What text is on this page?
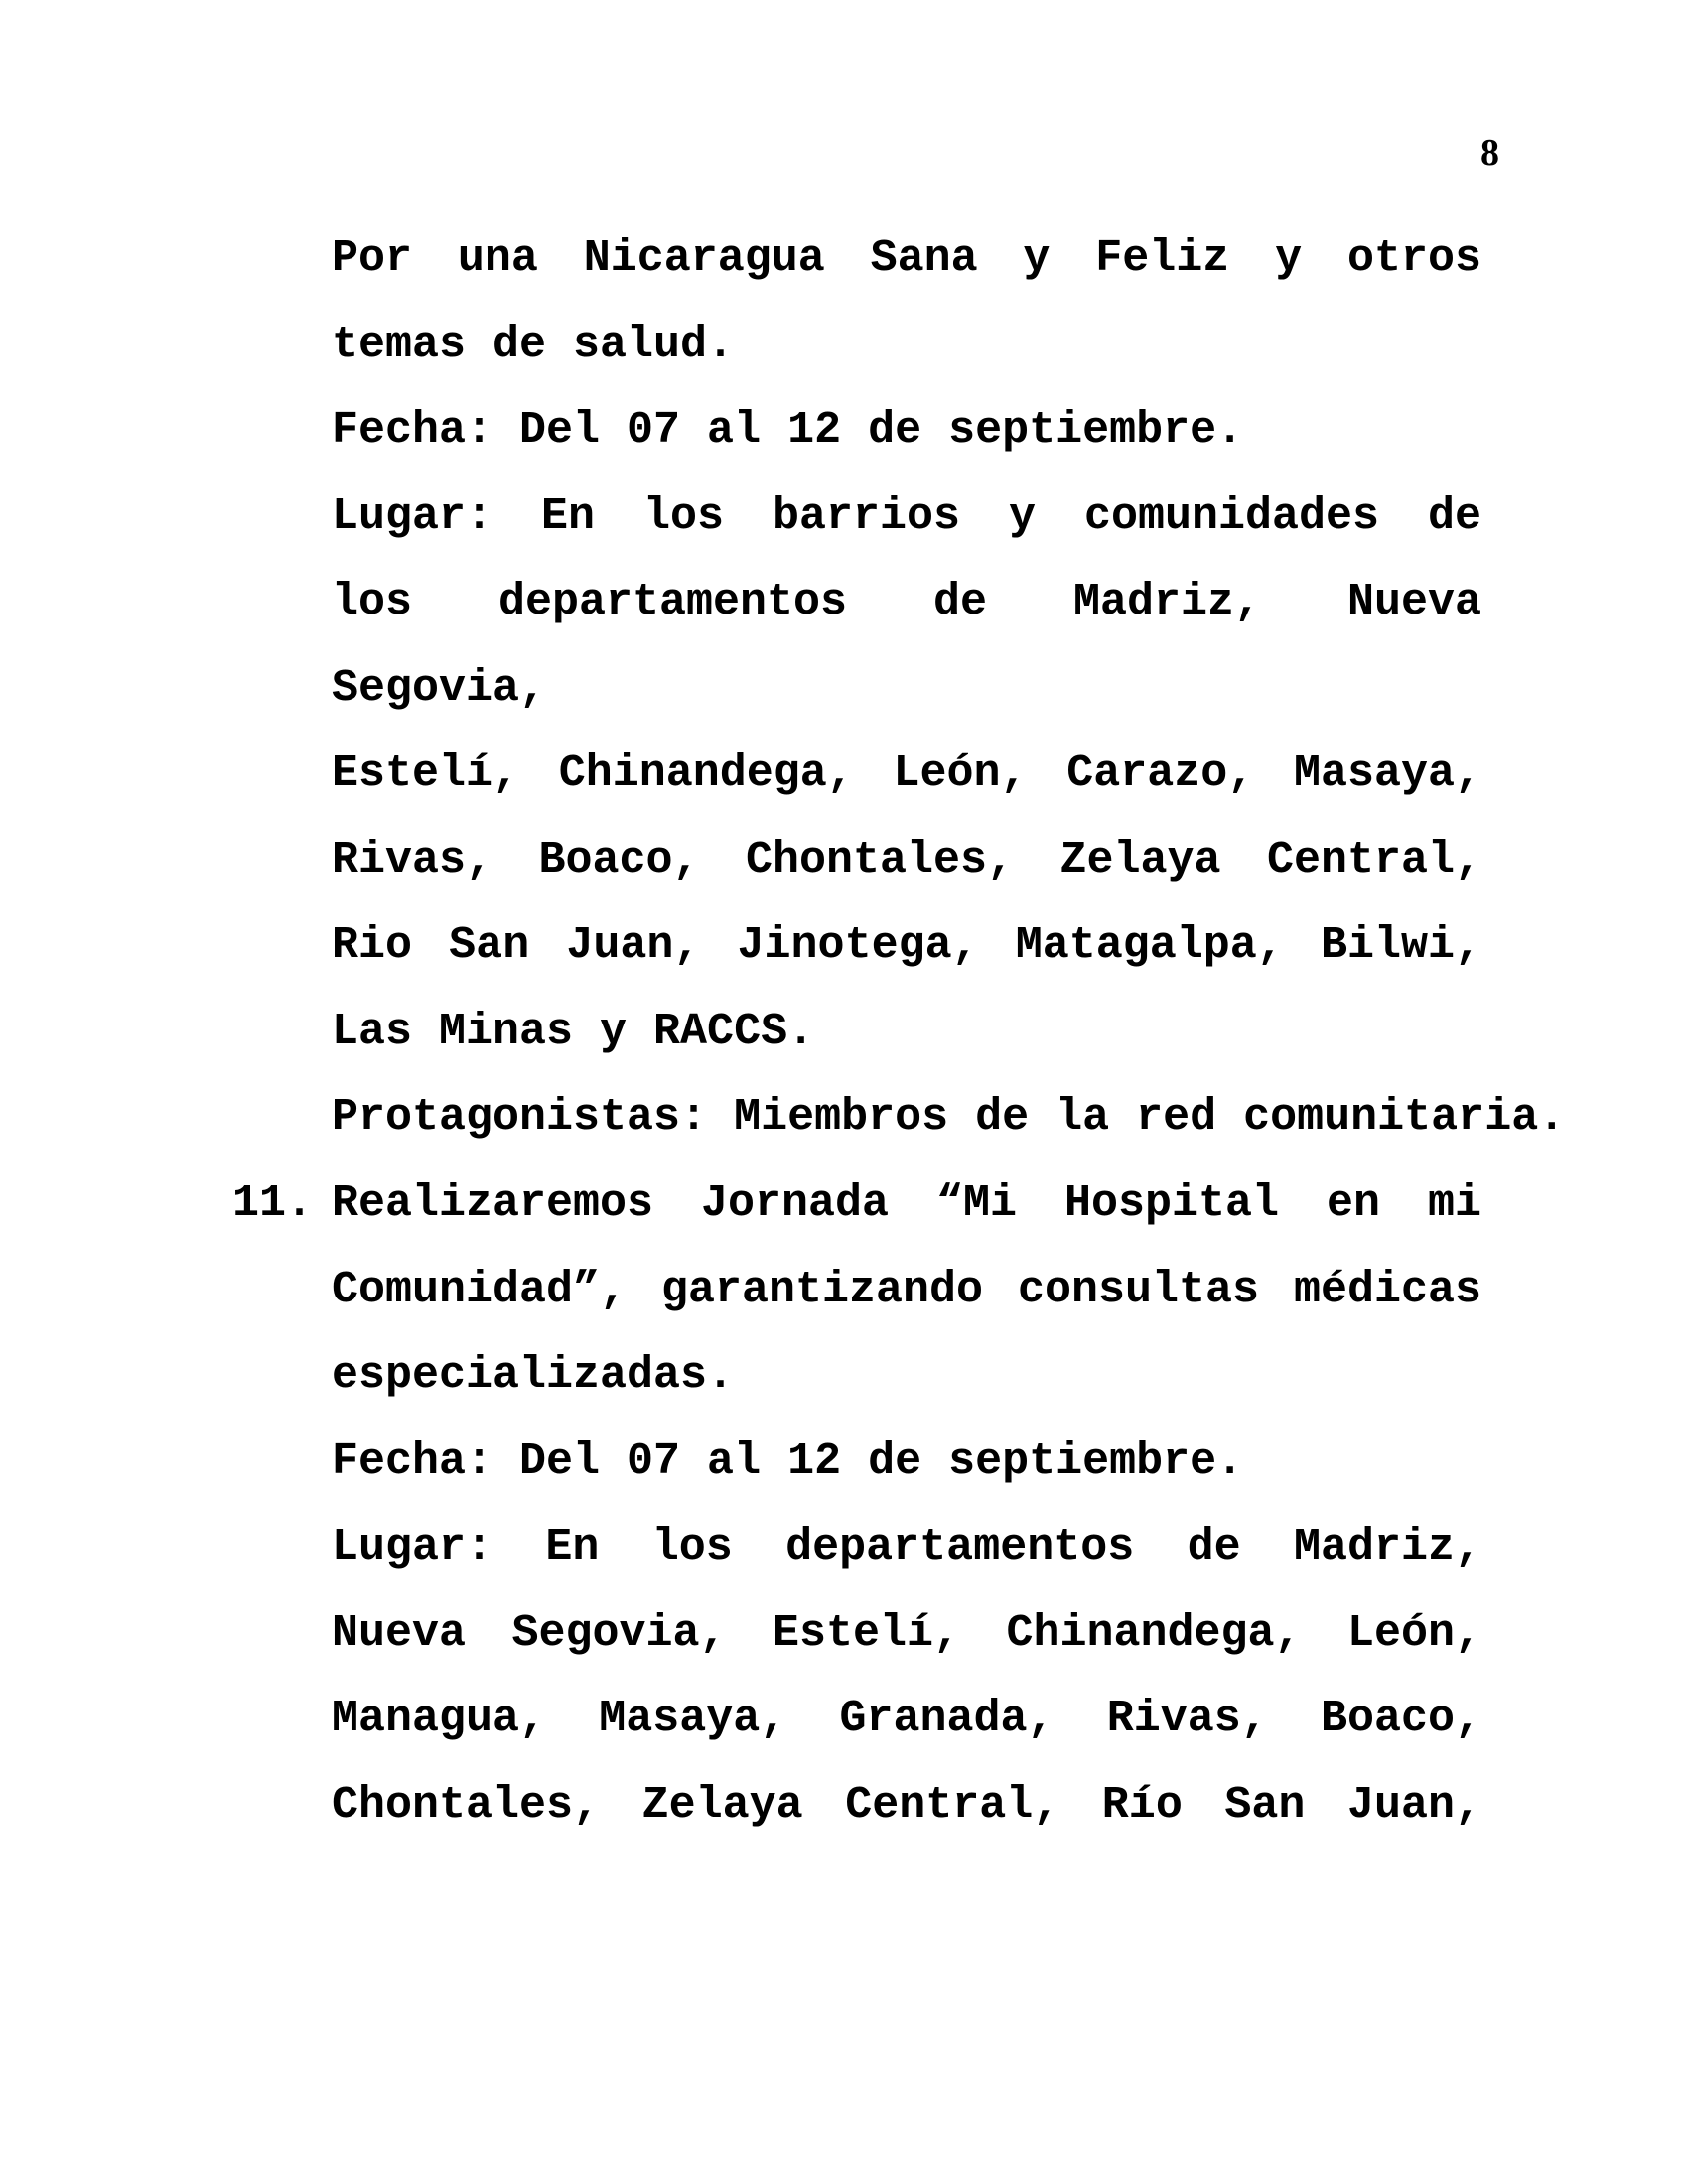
8
Por una Nicaragua Sana y Feliz y otros
temas de salud.
Fecha: Del 07 al 12 de septiembre.
Lugar: En los barrios y comunidades de
los departamentos de Madriz, Nueva Segovia,
Estelí, Chinandega, León, Carazo, Masaya,
Rivas, Boaco, Chontales, Zelaya Central,
Rio San Juan, Jinotega, Matagalpa, Bilwi,
Las Minas y RACCS.
Protagonistas: Miembros de la red comunitaria.
11. Realizaremos Jornada “Mi Hospital en mi
Comunidad”, garantizando consultas médicas
especializadas.
Fecha: Del 07 al 12 de septiembre.
Lugar: En los departamentos de Madriz,
Nueva Segovia, Estelí, Chinandega, León,
Managua, Masaya, Granada, Rivas, Boaco,
Chontales, Zelaya Central, Río San Juan,
